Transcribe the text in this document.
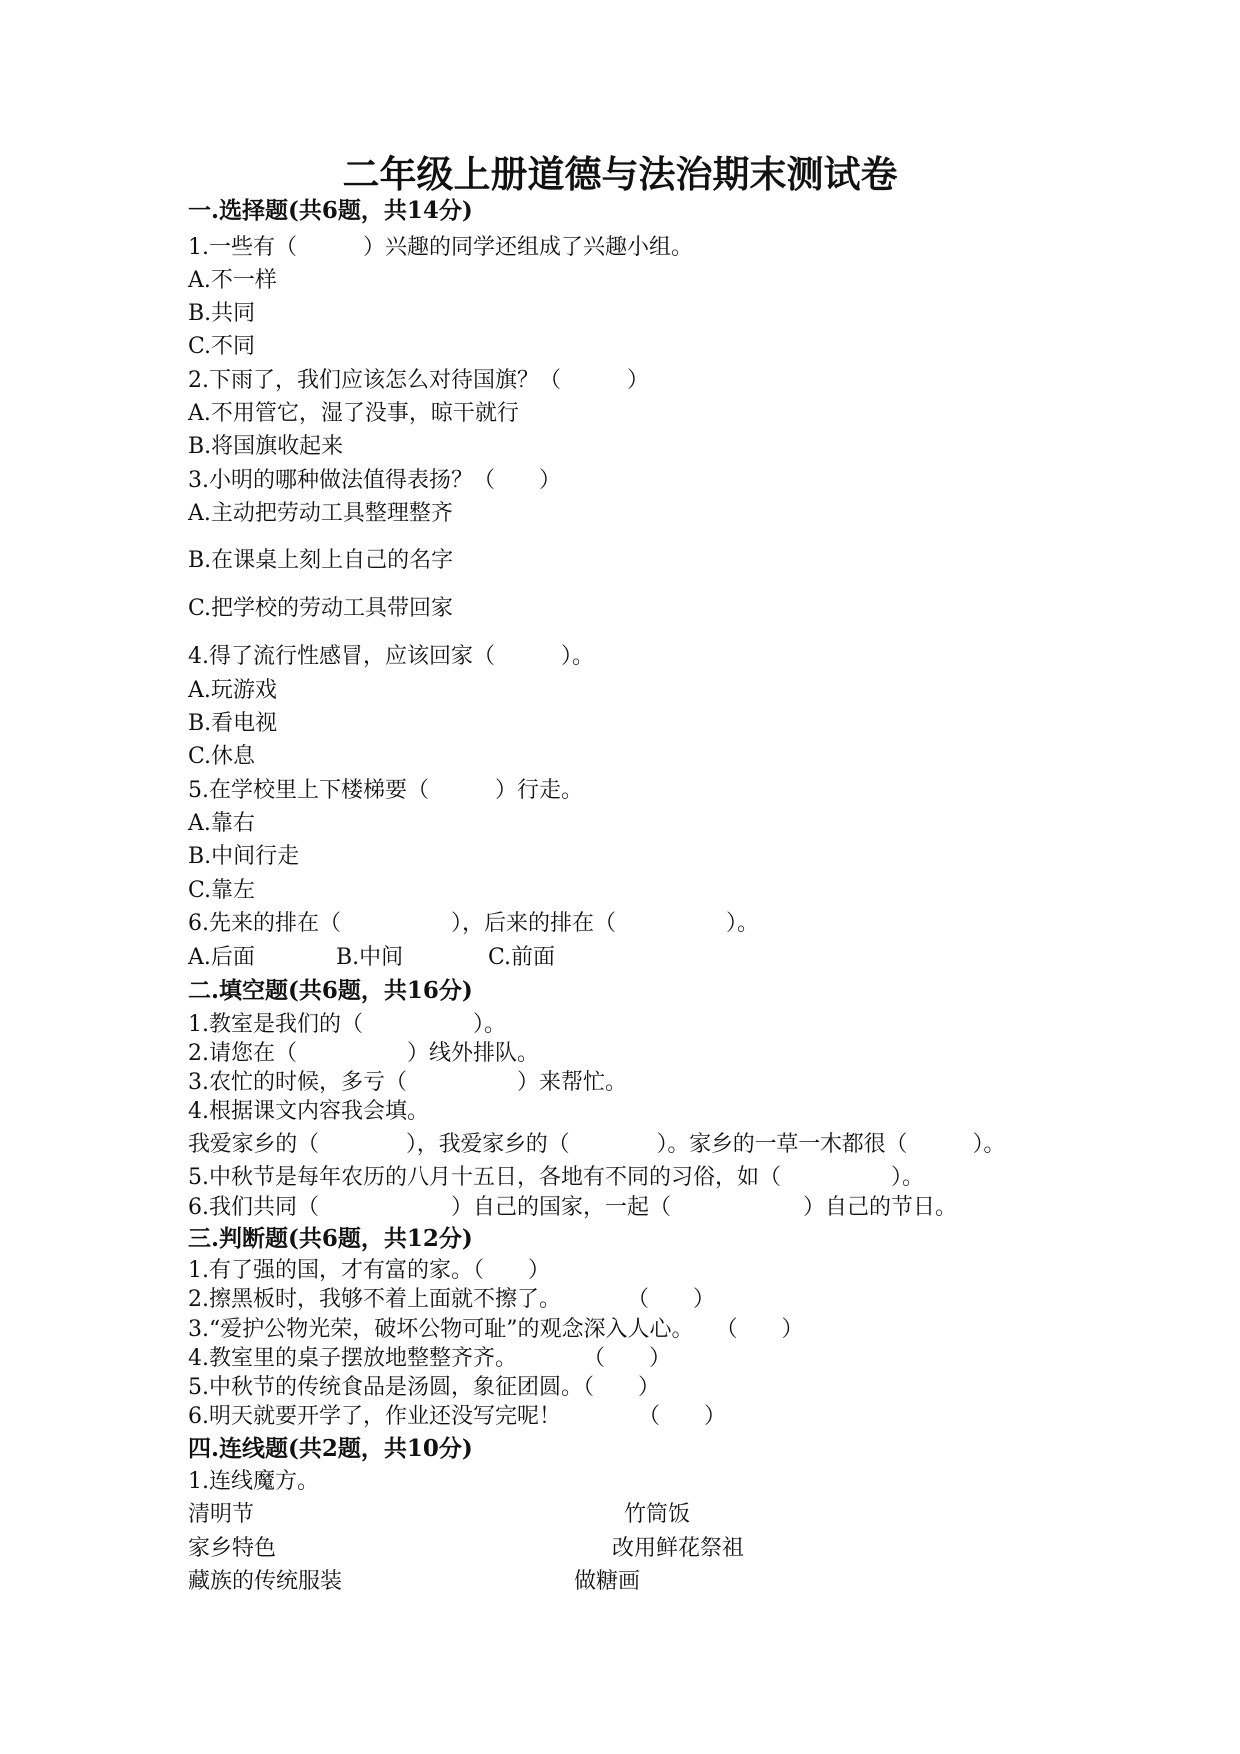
二年级上册道德与法治期末测试卷
一.选择题(共6题，共14分)
1.一些有（　　　）兴趣的同学还组成了兴趣小组。
A.不一样
B.共同
C.不同
2.下雨了，我们应该怎么对待国旗？（　　　）
A.不用管它，湿了没事，晾干就行
B.将国旗收起来
3.小明的哪种做法值得表扬？（　　）
A.主动把劳动工具整理整齐
B.在课桌上刻上自己的名字
C.把学校的劳动工具带回家
4.得了流行性感冒，应该回家（　　　）。
A.玩游戏
B.看电视
C.休息
5.在学校里上下楼梯要（　　　）行走。
A.靠右
B.中间行走
C.靠左
6.先来的排在（　　　　　），后来的排在（　　　　　）。
A.后面	B.中间	C.前面
二.填空题(共6题，共16分)
1.教室是我们的（　　　　　）。
2.请您在（　　　　　）线外排队。
3.农忙的时候，多亏（　　　　　）来帮忙。
4.根据课文内容我会填。
我爱家乡的（　　　　），我爱家乡的（　　　　）。家乡的一草一木都很（　　　）。
5.中秋节是每年农历的八月十五日，各地有不同的习俗，如（　　　　　）。
6.我们共同（　　　　　　）自己的国家，一起（　　　　　　）自己的节日。
三.判断题(共6题，共12分)
1.有了强的国，才有富的家。（　　）
2.擦黑板时，我够不着上面就不擦了。　　　　（　　）
3.“爱护公物光荣，破坏公物可耻”的观念深入人心。　　（　　）
4.教室里的桌子摆放地整整齐齐。　　　　（　　）
5.中秋节的传统食品是汤圆，象征团圆。（　　）
6.明天就要开学了，作业还没写完呢！　　　　（　　）
四.连线题(共2题，共10分)
1.连线魔方。
清明节	竹筒饭
家乡特色	改用鲜花祭祖
藏族的传统服装	做糖画
